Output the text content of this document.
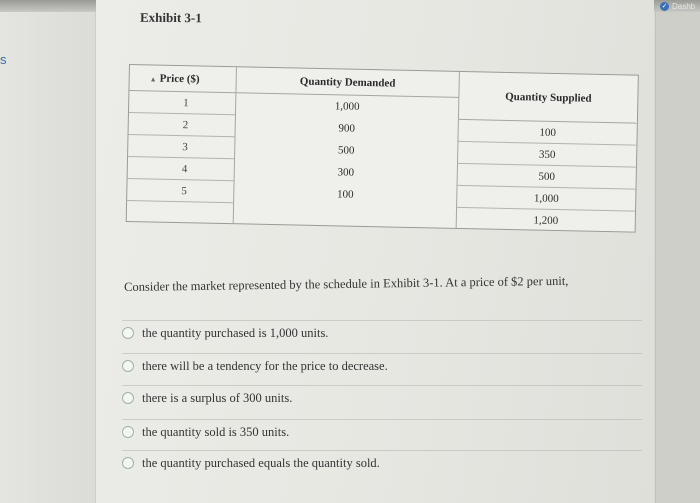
✓ Dashb
s
Exhibit 3-1
▲ Price ($)
1
2
3
4
5
Quantity Demanded
1,000
900
500
300
100
Quantity Supplied
100
350
500
1,000
1,200
Consider the market represented by the schedule in Exhibit 3-1. At a price of $2 per unit,
the quantity purchased is 1,000 units.
there will be a tendency for the price to decrease.
there is a surplus of 300 units.
the quantity sold is 350 units.
the quantity purchased equals the quantity sold.
